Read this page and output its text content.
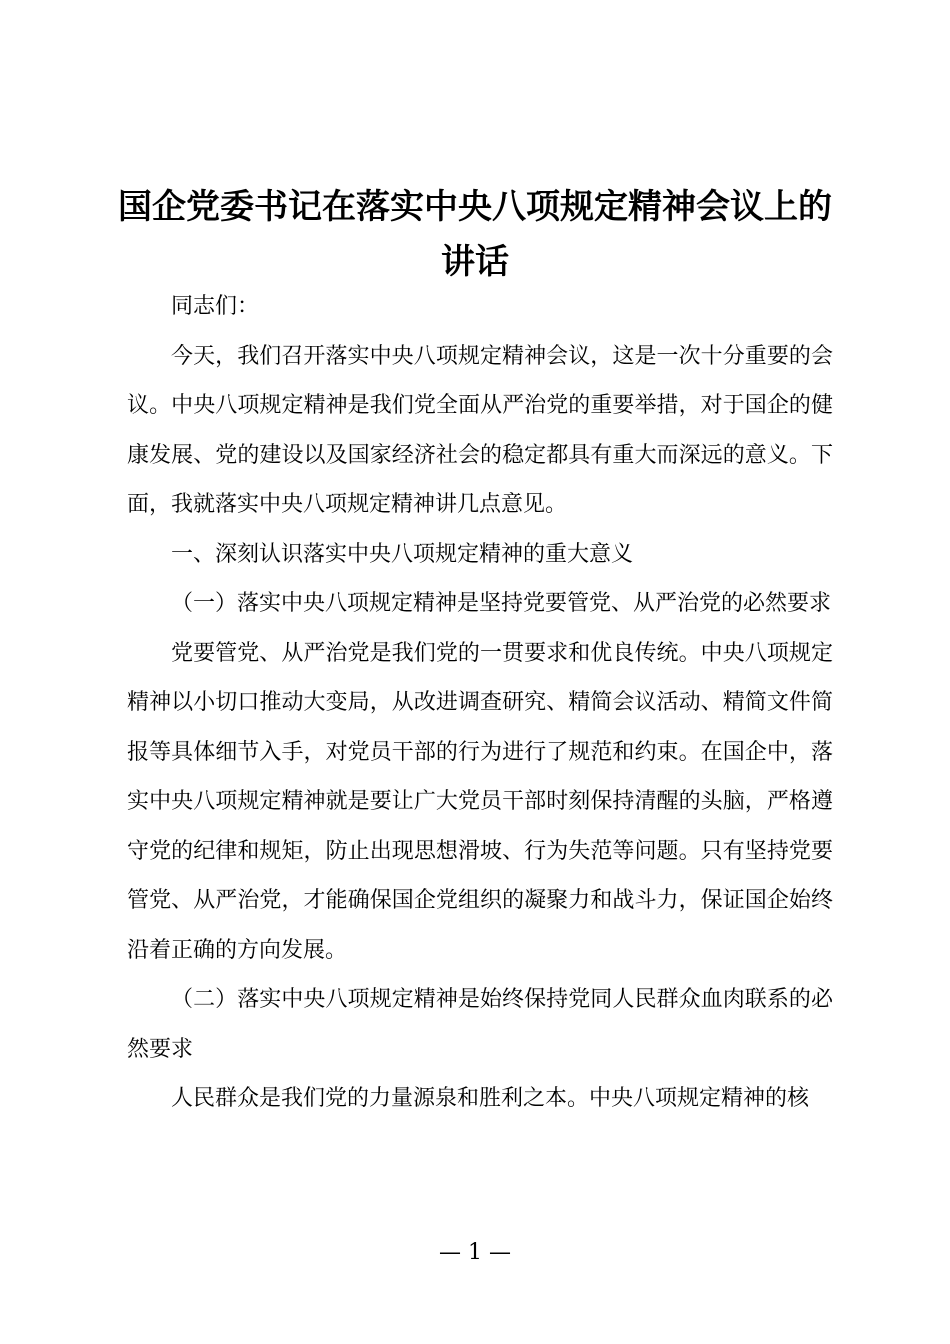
国企党委书记在落实中央八项规定精神会议上的讲话

同志们：

今天，我们召开落实中央八项规定精神会议，这是一次十分重要的会议。中央八项规定精神是我们党全面从严治党的重要举措，对于国企的健康发展、党的建设以及国家经济社会的稳定都具有重大而深远的意义。下面，我就落实中央八项规定精神讲几点意见。

一、深刻认识落实中央八项规定精神的重大意义

（一）落实中央八项规定精神是坚持党要管党、从严治党的必然要求

党要管党、从严治党是我们党的一贯要求和优良传统。中央八项规定精神以小切口推动大变局，从改进调查研究、精简会议活动、精简文件简报等具体细节入手，对党员干部的行为进行了规范和约束。在国企中，落实中央八项规定精神就是要让广大党员干部时刻保持清醒的头脑，严格遵守党的纪律和规矩，防止出现思想滑坡、行为失范等问题。只有坚持党要管党、从严治党，才能确保国企党组织的凝聚力和战斗力，保证国企始终沿着正确的方向发展。

（二）落实中央八项规定精神是始终保持党同人民群众血肉联系的必然要求

人民群众是我们党的力量源泉和胜利之本。中央八项规定精神的核

— 1 —
